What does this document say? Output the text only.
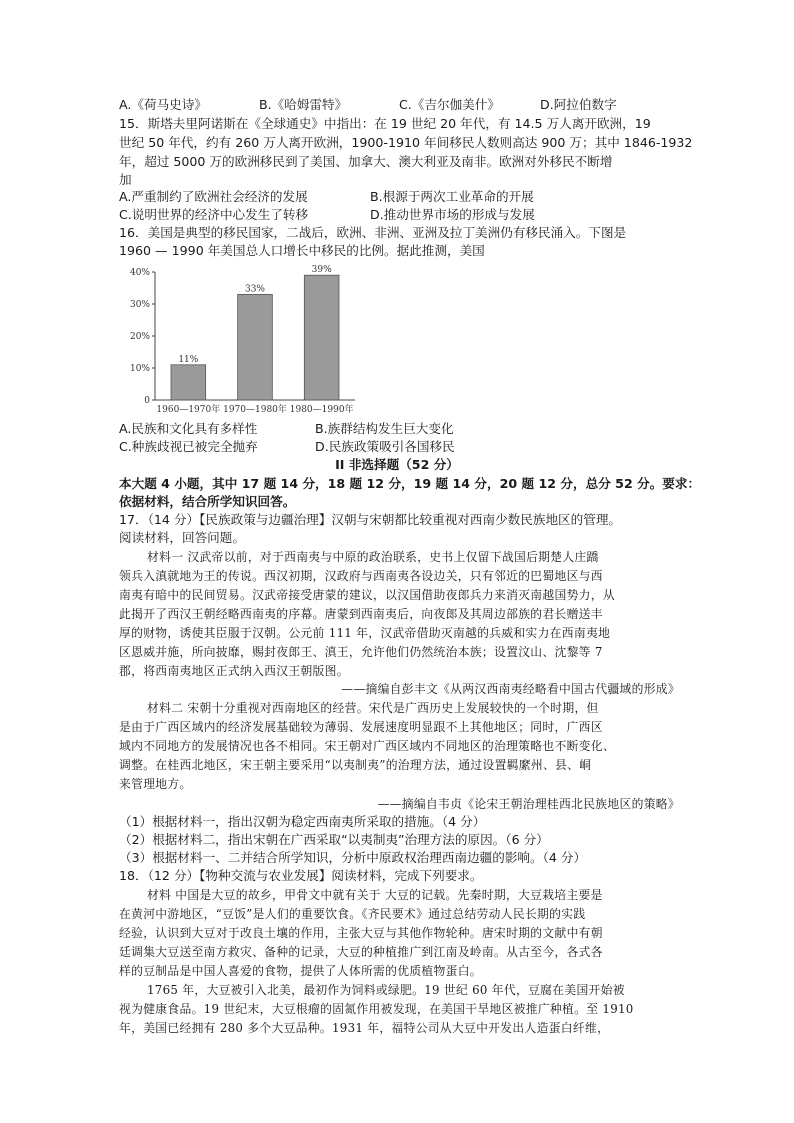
A.《荷马史诗》	B.《哈姆雷特》	C.《吉尔伽美什》	D.阿拉伯数字
15．斯塔夫里阿诺斯在《全球通史》中指出：在 19 世纪 20 年代，有 14.5 万人离开欧洲，19
世纪 50 年代，约有 260 万人离开欧洲，1900-1910 年间移民人数则高达 900 万；其中 1846-1932
年，超过 5000 万的欧洲移民到了美国、加拿大、澳大利亚及南非。欧洲对外移民不断增
加
A.严重制约了欧洲社会经济的发展	B.根源于两次工业革命的开展
C.说明世界的经济中心发生了转移	D.推动世界市场的形成与发展
16．美国是典型的移民国家，二战后，欧洲、非洲、亚洲及拉丁美洲仍有移民涌入。下图是
1960 — 1990 年美国总人口增长中移民的比例。据此推测，美国
0
10%
20%
30%
40%
11%
1960—1970年
33%
1970—1980年
39%
1980—1990年
A.民族和文化具有多样性	B.族群结构发生巨大变化
C.种族歧视已被完全抛弃	D.民族政策吸引各国移民
II 非选择题（52 分）
本大题 4 小题，其中 17 题 14 分，18 题 12 分，19 题 14 分，20 题 12 分，总分 52 分。要求：
依据材料，结合所学知识回答。
17．（14 分）【民族政策与边疆治理】汉朝与宋朝都比较重视对西南少数民族地区的管理。
阅读材料，回答问题。
材料一 汉武帝以前，对于西南夷与中原的政治联系，史书上仅留下战国后期楚人庄蹻
领兵入滇就地为王的传说。西汉初期，汉政府与西南夷各设边关，只有邻近的巴蜀地区与西
南夷有暗中的民间贸易。汉武帝接受唐蒙的建议，以汉国借助夜郎兵力来消灭南越国势力，从
此揭开了西汉王朝经略西南夷的序幕。唐蒙到西南夷后，向夜郎及其周边部族的君长赠送丰
厚的财物，诱使其臣服于汉朝。公元前 111 年，汉武帝借助灭南越的兵威和实力在西南夷地
区恩威并施，所向披靡，赐封夜郎王、滇王，允许他们仍然统治本族；设置汶山、沈黎等 7
郡，将西南夷地区正式纳入西汉王朝版图。
——摘编自彭丰文《从两汉西南夷经略看中国古代疆域的形成》
材料二 宋朝十分重视对西南地区的经营。宋代是广西历史上发展较快的一个时期，但
是由于广西区域内的经济发展基础较为薄弱、发展速度明显跟不上其他地区；同时，广西区
域内不同地方的发展情况也各不相同。宋王朝对广西区域内不同地区的治理策略也不断变化、
调整。在桂西北地区，宋王朝主要采用“以夷制夷”的治理方法，通过设置羁縻州、县、峒
来管理地方。
——摘编自韦贞《论宋王朝治理桂西北民族地区的策略》
（1）根据材料一，指出汉朝为稳定西南夷所采取的措施。（4 分）
（2）根据材料二，指出宋朝在广西采取“以夷制夷”治理方法的原因。（6 分）
（3）根据材料一、二并结合所学知识，分析中原政权治理西南边疆的影响。（4 分）
18．（12 分）【物种交流与农业发展】阅读材料，完成下列要求。
材料 中国是大豆的故乡，甲骨文中就有关于 大豆的记载。先秦时期，大豆栽培主要是
在黄河中游地区，“豆饭”是人们的重要饮食。《齐民要术》通过总结劳动人民长期的实践
经验，认识到大豆对于改良土壤的作用，主张大豆与其他作物轮种。唐宋时期的文献中有朝
廷调集大豆送至南方救灾、备种的记录，大豆的种植推广到江南及岭南。从古至今，各式各
样的豆制品是中国人喜爱的食物，提供了人体所需的优质植物蛋白。
1765 年，大豆被引入北美，最初作为饲料或绿肥。19 世纪 60 年代，豆腐在美国开始被
视为健康食品。19 世纪末，大豆根瘤的固氮作用被发现，在美国干旱地区被推广种植。至 1910
年，美国已经拥有 280 多个大豆品种。1931 年，福特公司从大豆中开发出人造蛋白纤维，
